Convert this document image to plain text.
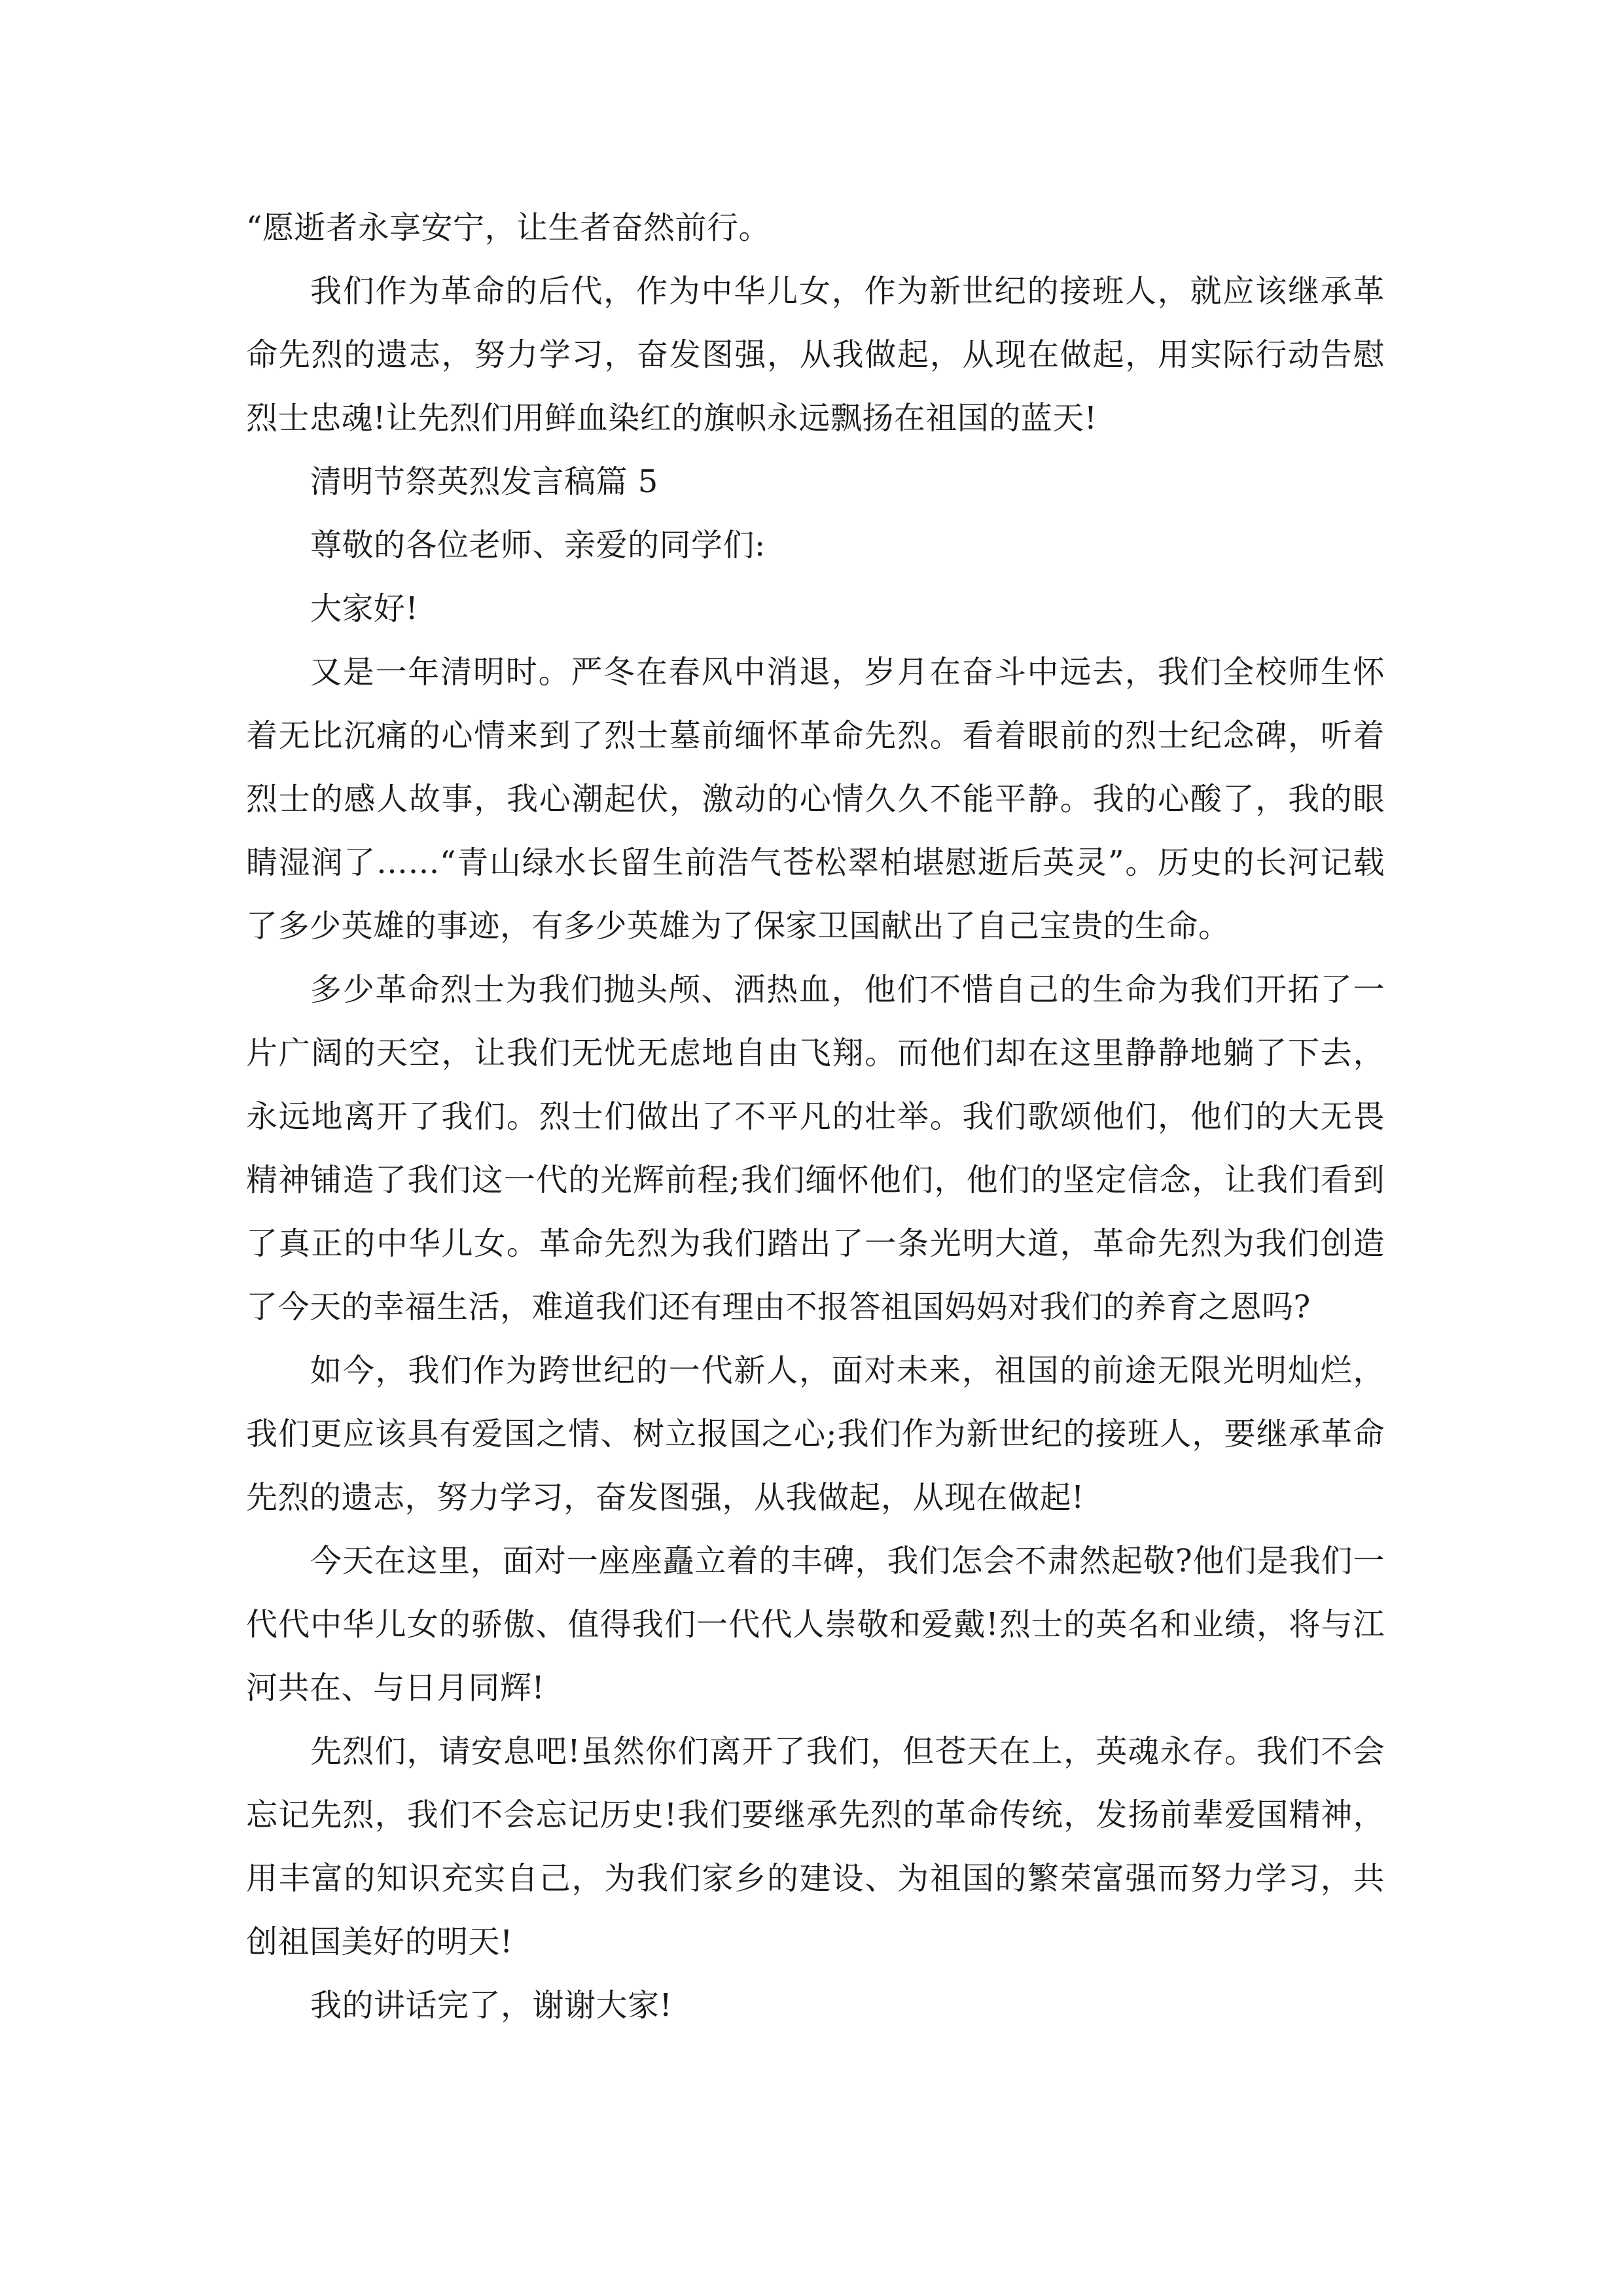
“愿逝者永享安宁，让生者奋然前行。

我们作为革命的后代，作为中华儿女，作为新世纪的接班人，就应该继承革命先烈的遗志，努力学习，奋发图强，从我做起，从现在做起，用实际行动告慰烈士忠魂!让先烈们用鲜血染红的旗帜永远飘扬在祖国的蓝天!

清明节祭英烈发言稿篇 5

尊敬的各位老师、亲爱的同学们:

大家好!

又是一年清明时。严冬在春风中消退，岁月在奋斗中远去，我们全校师生怀着无比沉痛的心情来到了烈士墓前缅怀革命先烈。看着眼前的烈士纪念碑，听着烈士的感人故事，我心潮起伏，激动的心情久久不能平静。我的心酸了，我的眼睛湿润了……“青山绿水长留生前浩气苍松翠柏堪慰逝后英灵”。历史的长河记载了多少英雄的事迹，有多少英雄为了保家卫国献出了自己宝贵的生命。

多少革命烈士为我们抛头颅、洒热血，他们不惜自己的生命为我们开拓了一片广阔的天空，让我们无忧无虑地自由飞翔。而他们却在这里静静地躺了下去，永远地离开了我们。烈士们做出了不平凡的壮举。我们歌颂他们，他们的大无畏精神铺造了我们这一代的光辉前程;我们缅怀他们，他们的坚定信念，让我们看到了真正的中华儿女。革命先烈为我们踏出了一条光明大道，革命先烈为我们创造了今天的幸福生活，难道我们还有理由不报答祖国妈妈对我们的养育之恩吗?

如今，我们作为跨世纪的一代新人，面对未来，祖国的前途无限光明灿烂，我们更应该具有爱国之情、树立报国之心;我们作为新世纪的接班人，要继承革命先烈的遗志，努力学习，奋发图强，从我做起，从现在做起!

今天在这里，面对一座座矗立着的丰碑，我们怎会不肃然起敬?他们是我们一代代中华儿女的骄傲、值得我们一代代人崇敬和爱戴!烈士的英名和业绩，将与江河共在、与日月同辉!

先烈们，请安息吧!虽然你们离开了我们，但苍天在上，英魂永存。我们不会忘记先烈，我们不会忘记历史!我们要继承先烈的革命传统，发扬前辈爱国精神，用丰富的知识充实自己，为我们家乡的建设、为祖国的繁荣富强而努力学习，共创祖国美好的明天!

我的讲话完了，谢谢大家!
